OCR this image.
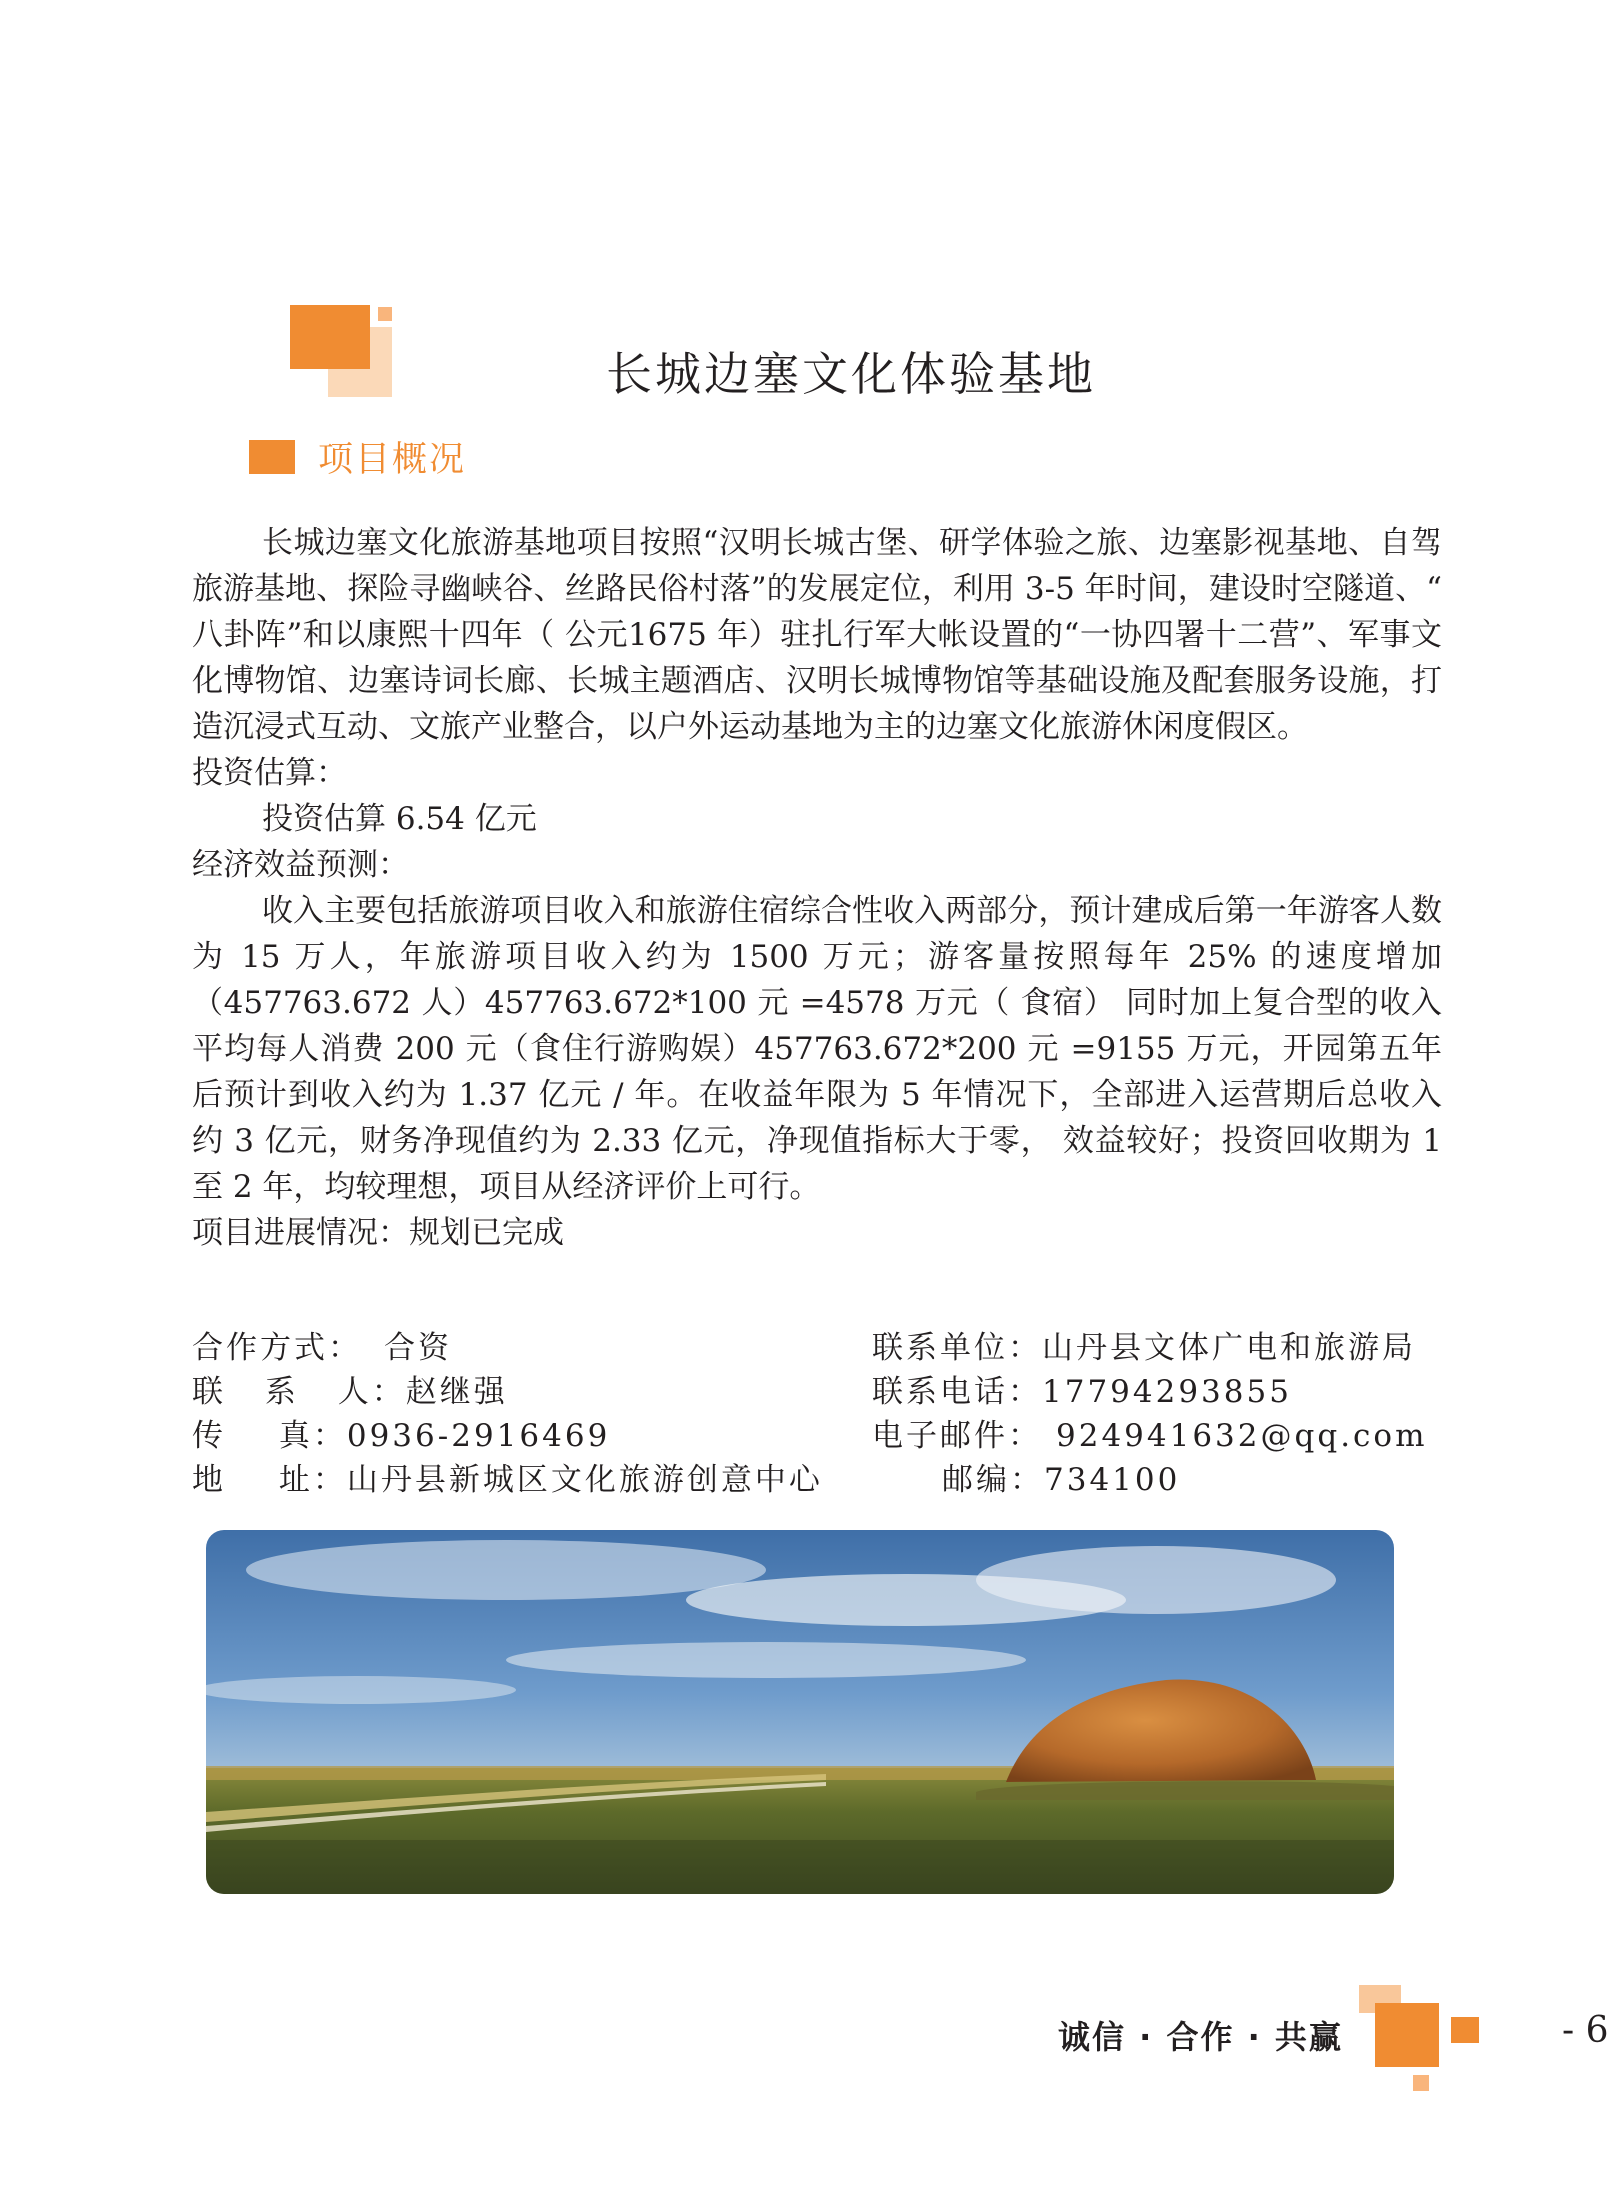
长城边塞文化体验基地
项目概况

长城边塞文化旅游基地项目按照“汉明长城古堡、研学体验之旅、边塞影视基地、自驾旅游基地、探险寻幽峡谷、丝路民俗村落”的发展定位，利用 3-5 年时间，建设时空隧道、“ 八卦阵”和以康熙十四年（ 公元1675 年）驻扎行军大帐设置的“一协四署十二营”、军事文化博物馆、边塞诗词长廊、长城主题酒店、汉明长城博物馆等基础设施及配套服务设施，打造沉浸式互动、文旅产业整合，以户外运动基地为主的边塞文化旅游休闲度假区。

投资估算：

投资估算 6.54 亿元

经济效益预测：

收入主要包括旅游项目收入和旅游住宿综合性收入两部分，预计建成后第一年游客人数为 15 万人，年旅游项目收入约为 1500 万元；游客量按照每年 25% 的速度增加（457763.672 人）457763.672*100 元 =4578 万元（ 食宿） 同时加上复合型的收入平均每人消费 200 元（食住行游购娱）457763.672*200 元 =9155 万元，开园第五年后预计到收入约为 1.37 亿元 / 年。在收益年限为 5 年情况下，全部进入运营期后总收入 约 3 亿元，财务净现值约为 2.33 亿元，净现值指标大于零， 效益较好；投资回收期为 1 至 2 年，均较理想，项目从经济评价上可行。

项目进展情况：规划已完成

合作方式： 合资	联系单位：山丹县文体广电和旅游局
联 系 人：赵继强	联系电话：17794293855
传 真：0936-2916469	电子邮件： 924941632@qq.com
地 址：山丹县新城区文化旅游创意中心	邮编：734100
诚信 · 合作 · 共赢	- 6
